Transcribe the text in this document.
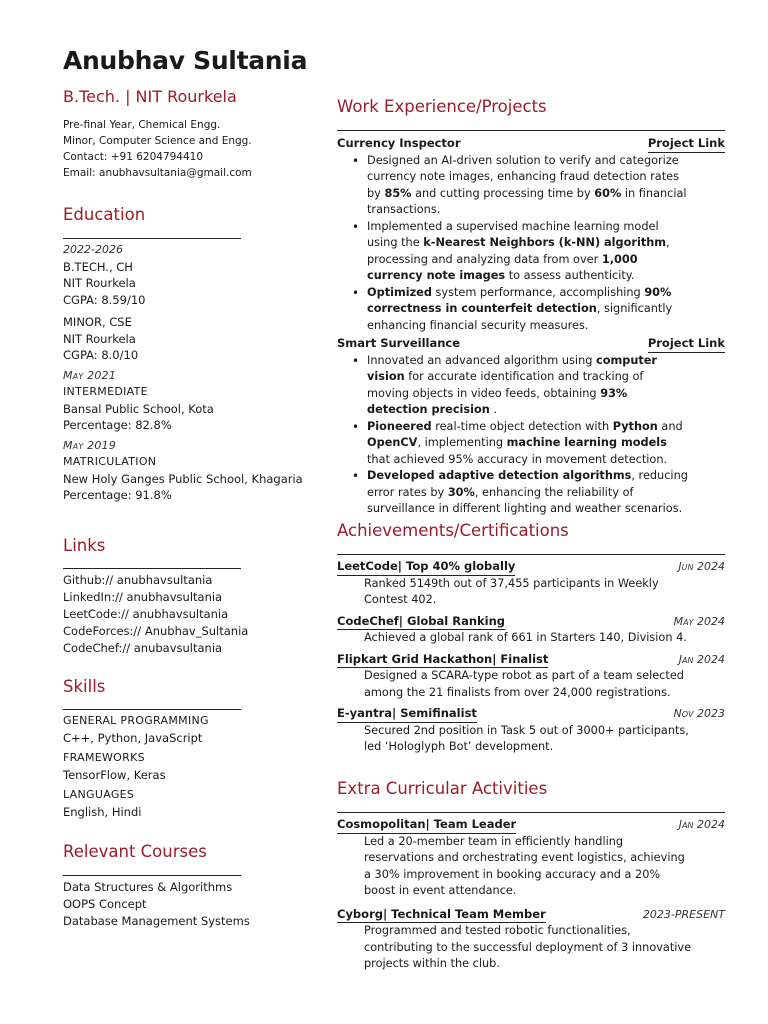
Anubhav Sultania
B.Tech. | NIT Rourkela
Pre-final Year, Chemical Engg.
Minor, Computer Science and Engg.
Contact: +91 6204794410
Email: anubhavsultania@gmail.com
Education
2022-2026
B.TECH., CH
NIT Rourkela
CGPA: 8.59/10
MINOR, CSE
NIT Rourkela
CGPA: 8.0/10
May 2021
INTERMEDIATE
Bansal Public School, Kota
Percentage: 82.8%
May 2019
MATRICULATION
New Holy Ganges Public School, Khagaria
Percentage: 91.8%
Links
Github:// anubhavsultania
LinkedIn:// anubhavsultania
LeetCode:// anubhavsultania
CodeForces:// Anubhav_Sultania
CodeChef:// anubavsultania
Skills
GENERAL PROGRAMMING
C++, Python, JavaScript
FRAMEWORKS
TensorFlow, Keras
LANGUAGES
English, Hindi
Relevant Courses
Data Structures & Algorithms
OOPS Concept
Database Management Systems
Work Experience/Projects
Currency Inspector	Project Link
• Designed an AI-driven solution to verify and categorize currency note images, enhancing fraud detection rates by 85% and cutting processing time by 60% in financial transactions.
• Implemented a supervised machine learning model using the k-Nearest Neighbors (k-NN) algorithm, processing and analyzing data from over 1,000 currency note images to assess authenticity.
• Optimized system performance, accomplishing 90% correctness in counterfeit detection, significantly enhancing financial security measures.
Smart Surveillance	Project Link
• Innovated an advanced algorithm using computer vision for accurate identification and tracking of moving objects in video feeds, obtaining 93% detection precision .
• Pioneered real-time object detection with Python and OpenCV, implementing machine learning models that achieved 95% accuracy in movement detection.
• Developed adaptive detection algorithms, reducing error rates by 30%, enhancing the reliability of surveillance in different lighting and weather scenarios.
Achievements/Certifications
LeetCode| Top 40% globally	Jun 2024
Ranked 5149th out of 37,455 participants in Weekly Contest 402.
CodeChef| Global Ranking	May 2024
Achieved a global rank of 661 in Starters 140, Division 4.
Flipkart Grid Hackathon| Finalist	Jan 2024
Designed a SCARA-type robot as part of a team selected among the 21 finalists from over 24,000 registrations.
E-yantra| Semifinalist	Nov 2023
Secured 2nd position in Task 5 out of 3000+ participants, led ‘Hologlyph Bot’ development.
Extra Curricular Activities
Cosmopolitan| Team Leader	Jan 2024
Led a 20-member team in efficiently handling reservations and orchestrating event logistics, achieving a 30% improvement in booking accuracy and a 20% boost in event attendance.
Cyborg| Technical Team Member	2023-PRESENT
Programmed and tested robotic functionalities, contributing to the successful deployment of 3 innovative projects within the club.
